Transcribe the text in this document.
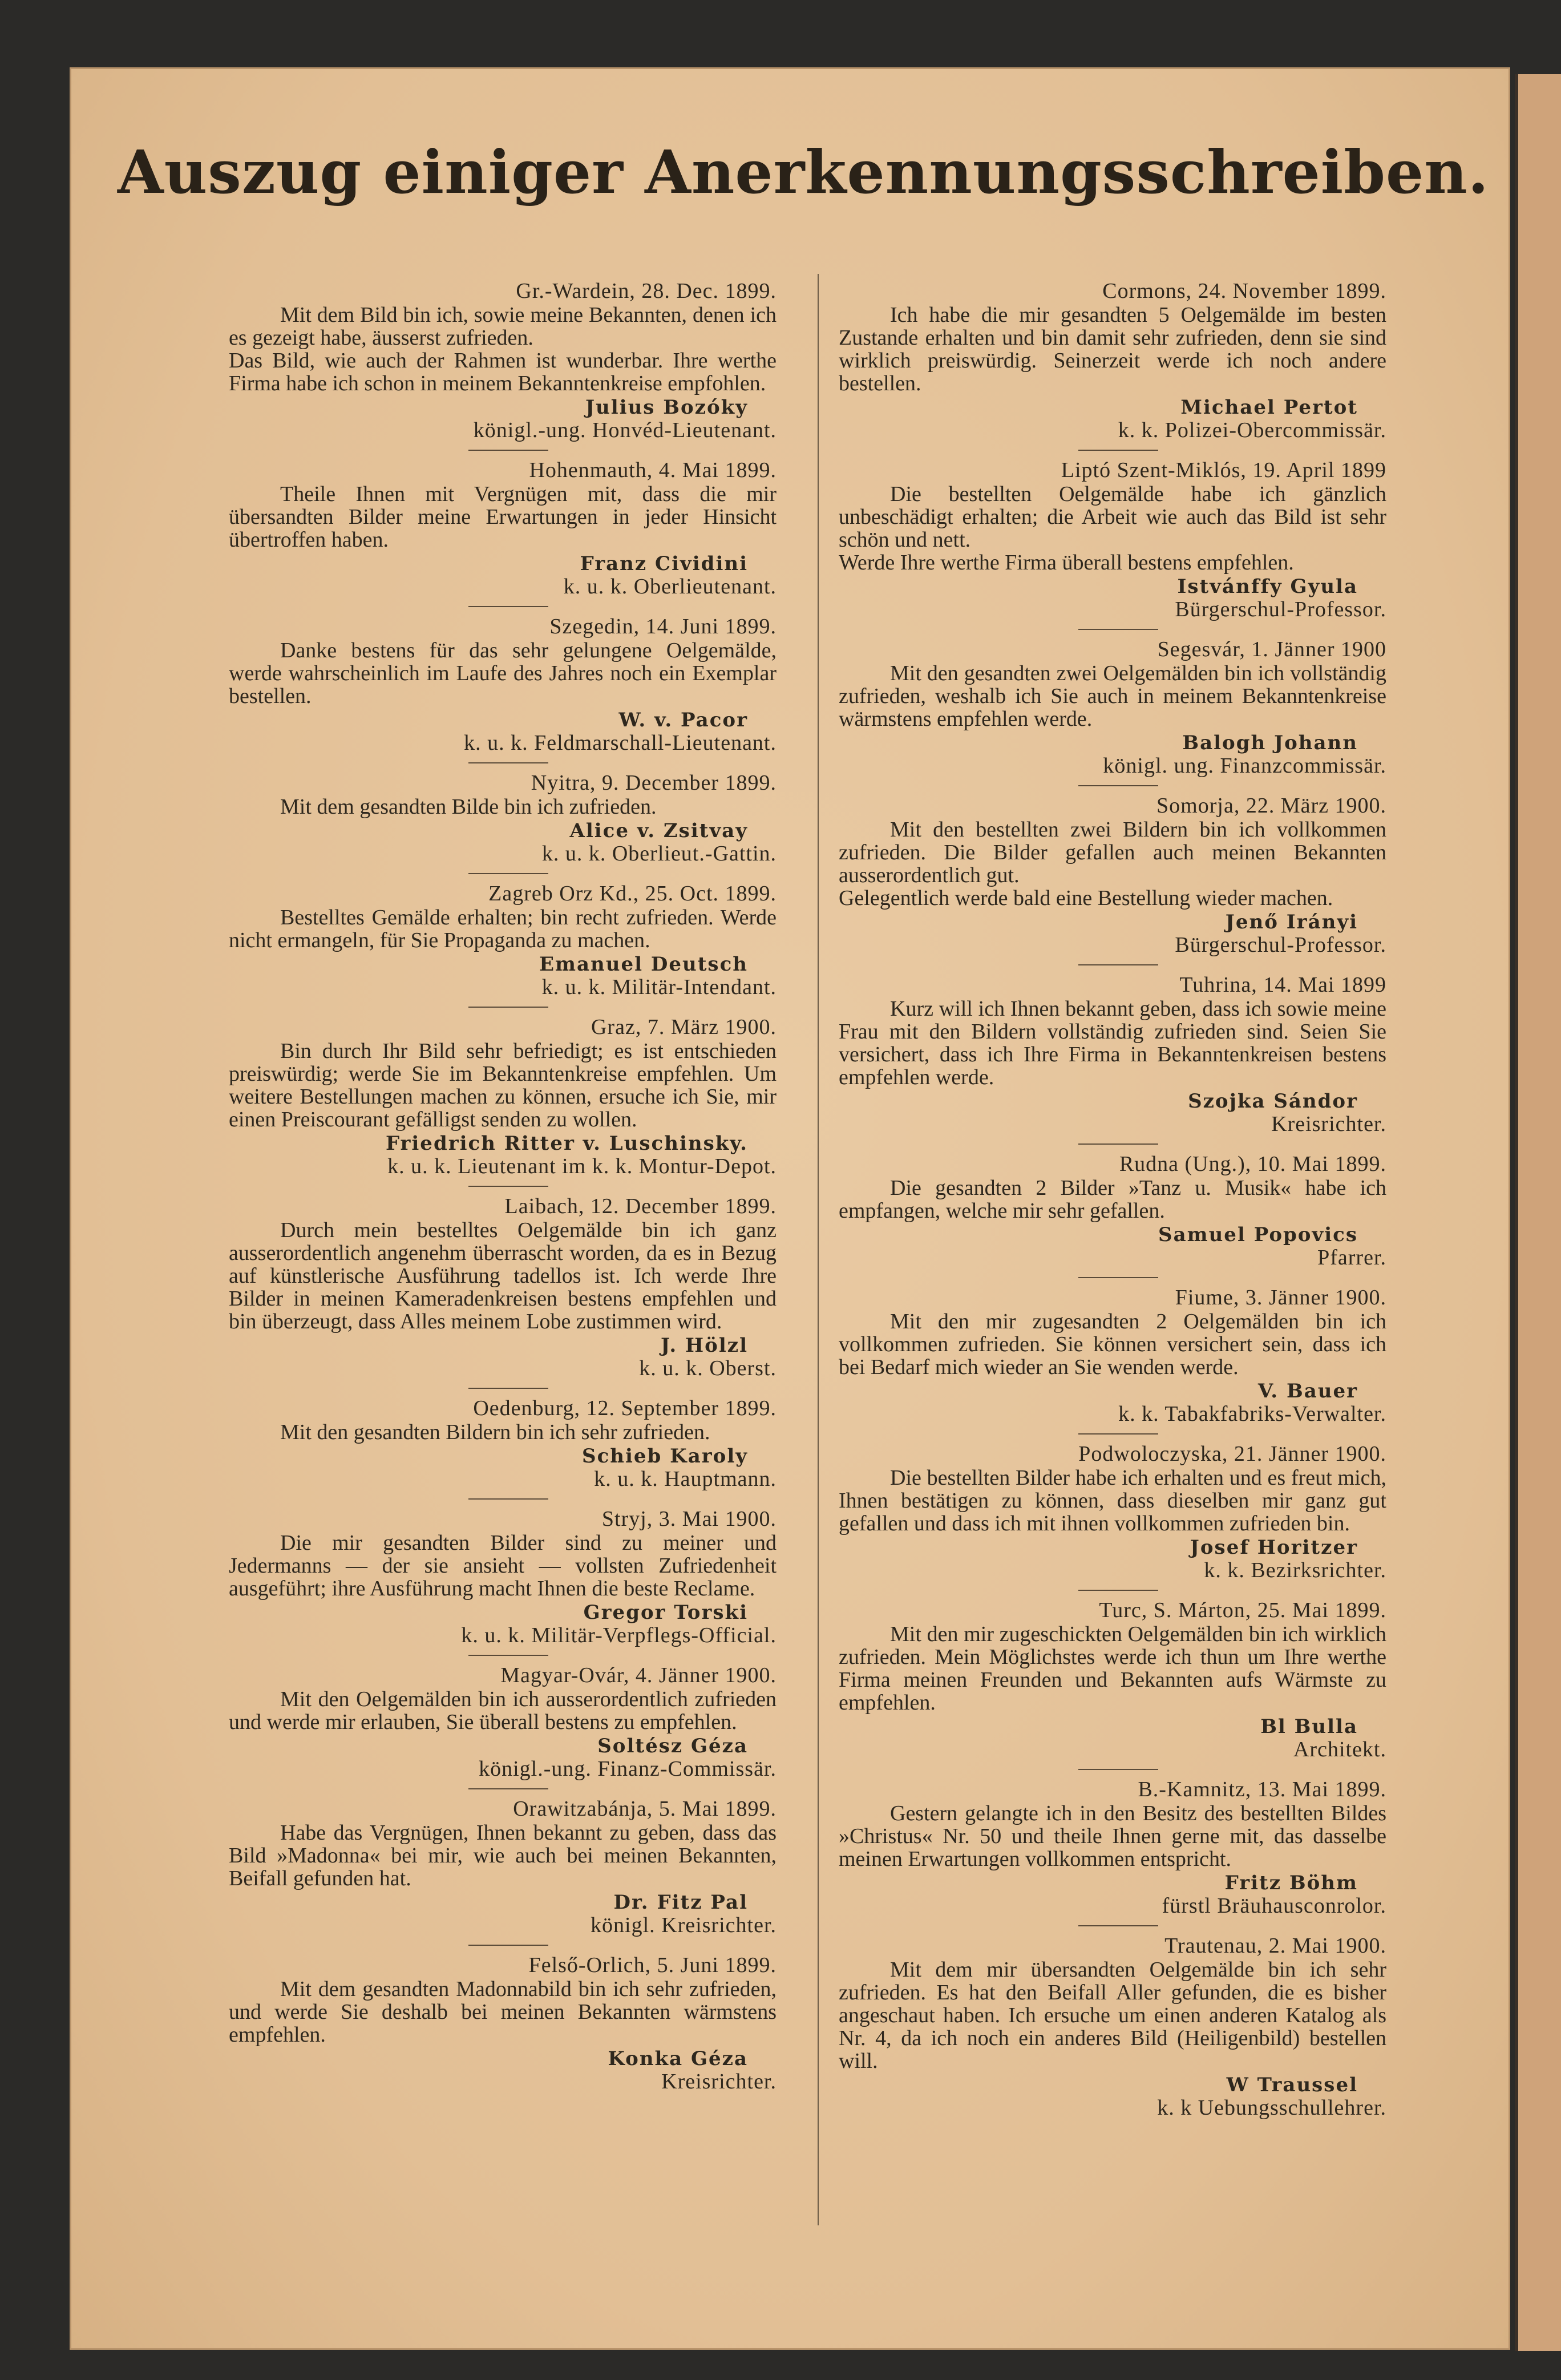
Auszug einiger Anerkennungsschreiben.
Gr.-Wardein, 28. Dec. 1899.
Mit dem Bild bin ich, sowie meine Bekannten, denen ich es gezeigt habe, äusserst zufrieden.
Das Bild, wie auch der Rahmen ist wunderbar. Ihre werthe Firma habe ich schon in meinem Bekanntenkreise empfohlen.
Julius Bozóky
königl.-ung. Honvéd-Lieutenant.
Hohenmauth, 4. Mai 1899.
Theile Ihnen mit Vergnügen mit, dass die mir übersandten Bilder meine Erwartungen in jeder Hinsicht übertroffen haben.
Franz Cividini
k. u. k. Oberlieutenant.
Szegedin, 14. Juni 1899.
Danke bestens für das sehr gelungene Oelgemälde, werde wahrscheinlich im Laufe des Jahres noch ein Exemplar bestellen.
W. v. Pacor
k. u. k. Feldmarschall-Lieutenant.
Nyitra, 9. December 1899.
Mit dem gesandten Bilde bin ich zufrieden.
Alice v. Zsitvay
k. u. k. Oberlieut.-Gattin.
Zagreb Orz Kd., 25. Oct. 1899.
Bestelltes Gemälde erhalten; bin recht zufrieden. Werde nicht ermangeln, für Sie Propaganda zu machen.
Emanuel Deutsch
k. u. k. Militär-Intendant.
Graz, 7. März 1900.
Bin durch Ihr Bild sehr befriedigt; es ist entschieden preiswürdig; werde Sie im Bekanntenkreise empfehlen. Um weitere Bestellungen machen zu können, ersuche ich Sie, mir einen Preiscourant gefälligst senden zu wollen.
Friedrich Ritter v. Luschinsky.
k. u. k. Lieutenant im k. k. Montur-Depot.
Laibach, 12. December 1899.
Durch mein bestelltes Oelgemälde bin ich ganz ausserordentlich angenehm überrascht worden, da es in Bezug auf künstlerische Ausführung tadellos ist. Ich werde Ihre Bilder in meinen Kameradenkreisen bestens empfehlen und bin überzeugt, dass Alles meinem Lobe zustimmen wird.
J. Hölzl
k. u. k. Oberst.
Oedenburg, 12. September 1899.
Mit den gesandten Bildern bin ich sehr zufrieden.
Schieb Karoly
k. u. k. Hauptmann.
Stryj, 3. Mai 1900.
Die mir gesandten Bilder sind zu meiner und Jedermanns — der sie ansieht — vollsten Zufriedenheit ausgeführt; ihre Ausführung macht Ihnen die beste Reclame.
Gregor Torski
k. u. k. Militär-Verpflegs-Official.
Magyar-Ovár, 4. Jänner 1900.
Mit den Oelgemälden bin ich ausserordentlich zufrieden und werde mir erlauben, Sie überall bestens zu empfehlen.
Soltész Géza
königl.-ung. Finanz-Commissär.
Orawitzabánja, 5. Mai 1899.
Habe das Vergnügen, Ihnen bekannt zu geben, dass das Bild »Madonna« bei mir, wie auch bei meinen Bekannten, Beifall gefunden hat.
Dr. Fitz Pal
königl. Kreisrichter.
Felső-Orlich, 5. Juni 1899.
Mit dem gesandten Madonnabild bin ich sehr zufrieden, und werde Sie deshalb bei meinen Bekannten wärmstens empfehlen.
Konka Géza
Kreisrichter.
Cormons, 24. November 1899.
Ich habe die mir gesandten 5 Oelgemälde im besten Zustande erhalten und bin damit sehr zufrieden, denn sie sind wirklich preiswürdig. Seinerzeit werde ich noch andere bestellen.
Michael Pertot
k. k. Polizei-Obercommissär.
Liptó Szent-Miklós, 19. April 1899
Die bestellten Oelgemälde habe ich gänzlich unbeschädigt erhalten; die Arbeit wie auch das Bild ist sehr schön und nett.
Werde Ihre werthe Firma überall bestens empfehlen.
Istvánffy Gyula
Bürgerschul-Professor.
Segesvár, 1. Jänner 1900
Mit den gesandten zwei Oelgemälden bin ich vollständig zufrieden, weshalb ich Sie auch in meinem Bekanntenkreise wärmstens empfehlen werde.
Balogh Johann
königl. ung. Finanzcommissär.
Somorja, 22. März 1900.
Mit den bestellten zwei Bildern bin ich vollkommen zufrieden. Die Bilder gefallen auch meinen Bekannten ausserordentlich gut.
Gelegentlich werde bald eine Bestellung wieder machen.
Jenő Irányi
Bürgerschul-Professor.
Tuhrina, 14. Mai 1899
Kurz will ich Ihnen bekannt geben, dass ich sowie meine Frau mit den Bildern vollständig zufrieden sind. Seien Sie versichert, dass ich Ihre Firma in Bekanntenkreisen bestens empfehlen werde.
Szojka Sándor
Kreisrichter.
Rudna (Ung.), 10. Mai 1899.
Die gesandten 2 Bilder »Tanz u. Musik« habe ich empfangen, welche mir sehr gefallen.
Samuel Popovics
Pfarrer.
Fiume, 3. Jänner 1900.
Mit den mir zugesandten 2 Oelgemälden bin ich vollkommen zufrieden. Sie können versichert sein, dass ich bei Bedarf mich wieder an Sie wenden werde.
V. Bauer
k. k. Tabakfabriks-Verwalter.
Podwoloczyska, 21. Jänner 1900.
Die bestellten Bilder habe ich erhalten und es freut mich, Ihnen bestätigen zu können, dass dieselben mir ganz gut gefallen und dass ich mit ihnen vollkommen zufrieden bin.
Josef Horitzer
k. k. Bezirksrichter.
Turc, S. Márton, 25. Mai 1899.
Mit den mir zugeschickten Oelgemälden bin ich wirklich zufrieden. Mein Möglichstes werde ich thun um Ihre werthe Firma meinen Freunden und Bekannten aufs Wärmste zu empfehlen.
Bl Bulla
Architekt.
B.-Kamnitz, 13. Mai 1899.
Gestern gelangte ich in den Besitz des bestellten Bildes »Christus« Nr. 50 und theile Ihnen gerne mit, das dasselbe meinen Erwartungen vollkommen entspricht.
Fritz Böhm
fürstl Bräuhausconrolor.
Trautenau, 2. Mai 1900.
Mit dem mir übersandten Oelgemälde bin ich sehr zufrieden. Es hat den Beifall Aller gefunden, die es bisher angeschaut haben. Ich ersuche um einen anderen Katalog als Nr. 4, da ich noch ein anderes Bild (Heiligenbild) bestellen will.
W Traussel
k. k Uebungsschullehrer.
